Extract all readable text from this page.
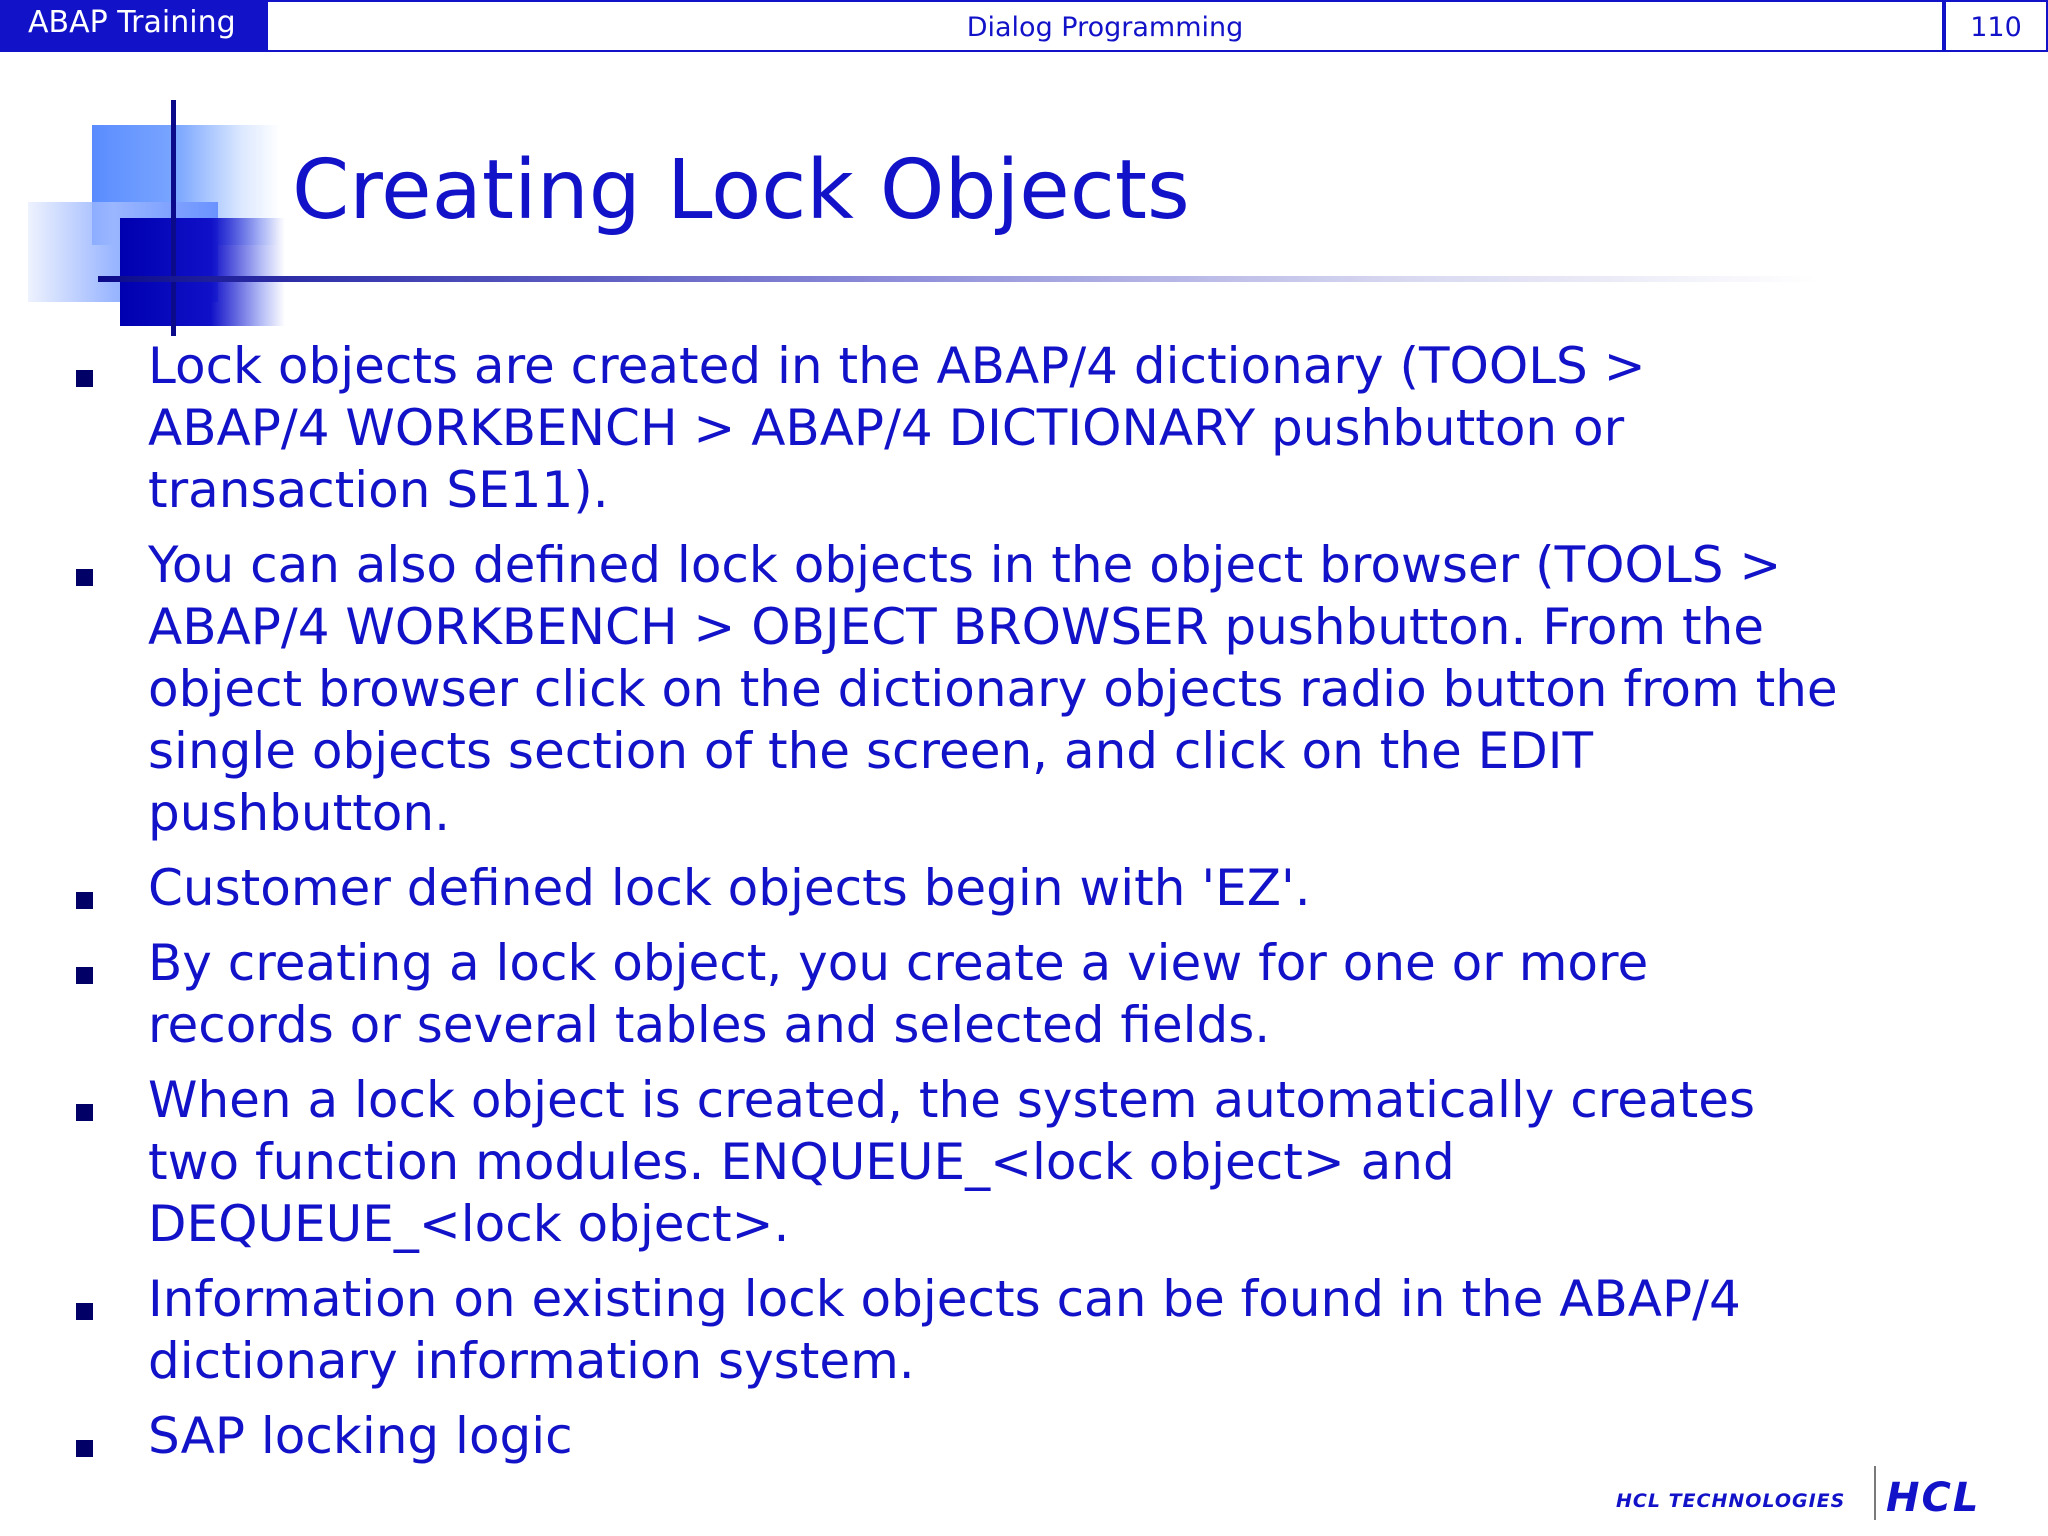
ABAP Training	Dialog Programming	110
Creating Lock Objects
Lock objects are created in the ABAP/4 dictionary (TOOLS > ABAP/4 WORKBENCH > ABAP/4 DICTIONARY pushbutton or transaction SE11).
You can also defined lock objects in the object browser (TOOLS > ABAP/4 WORKBENCH > OBJECT BROWSER pushbutton. From the object browser click on the dictionary objects radio button from the single objects section of the screen, and click on the EDIT pushbutton.
Customer defined lock objects begin with 'EZ'.
By creating a lock object, you create a view for one or more records or several tables and selected fields.
When a lock object is created, the system automatically creates two function modules. ENQUEUE_<lock object> and DEQUEUE_<lock object>.
Information on existing lock objects can be found in the ABAP/4 dictionary information system.
SAP locking logic
HCL TECHNOLOGIES HCL
